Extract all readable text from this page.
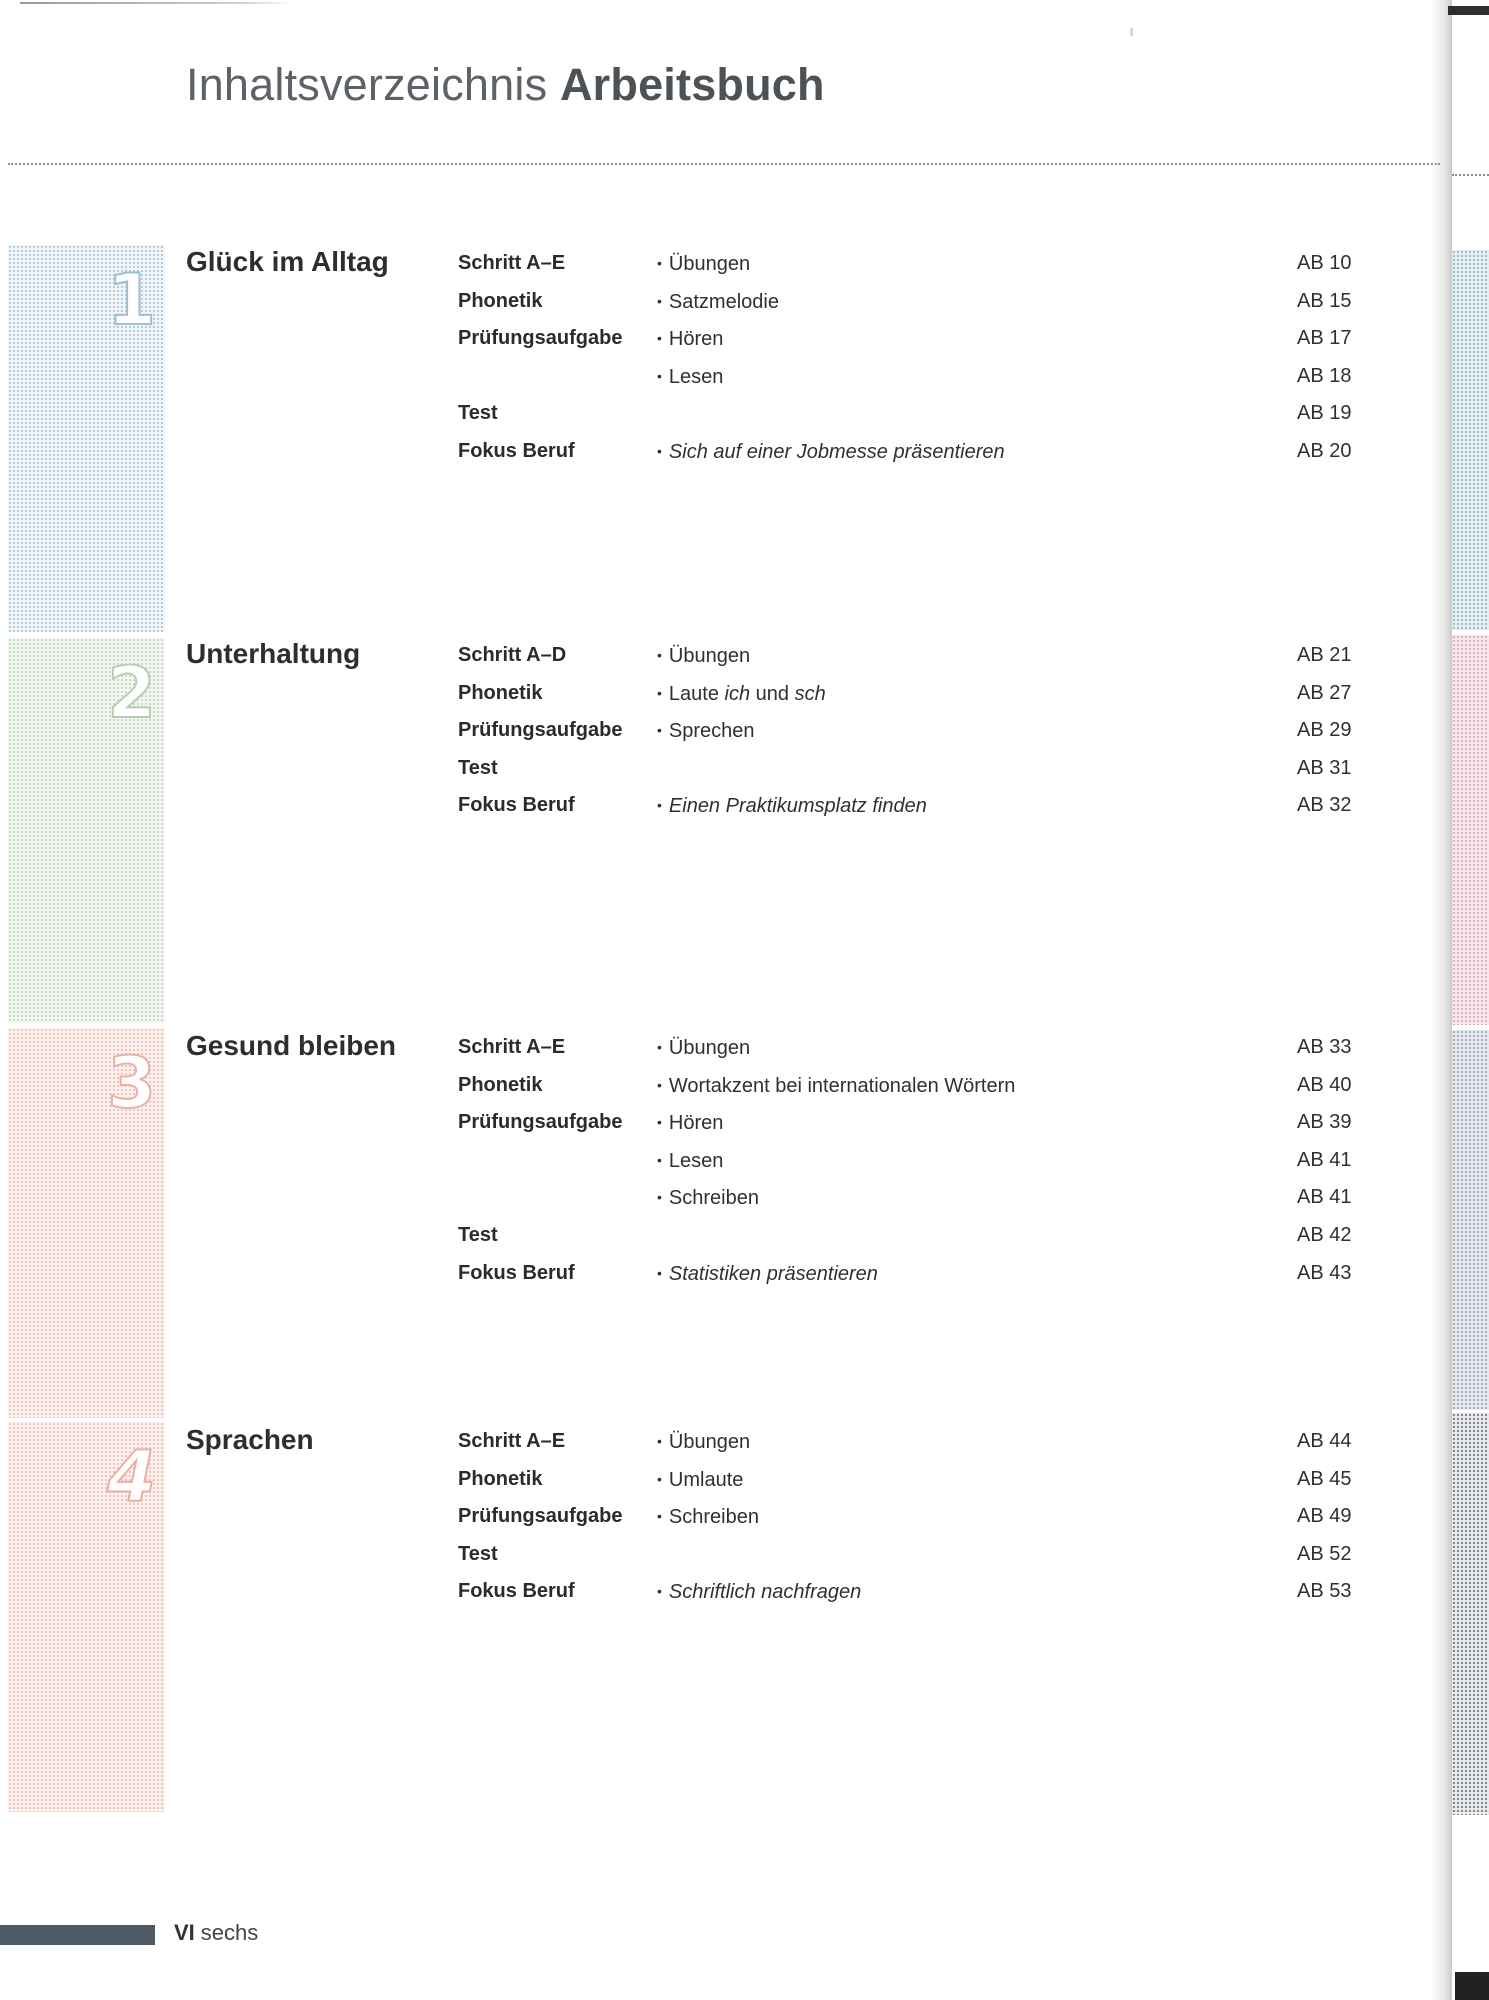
Inhaltsverzeichnis Arbeitsbuch
1
2
3
4
Glück im Alltag	Schritt A–E	• Übungen	AB 10
Phonetik	• Satzmelodie	AB 15
Prüfungsaufgabe • Hören	AB 17
• Lesen	AB 18
Test	AB 19
Fokus Beruf	• Sich auf einer Jobmesse präsentieren	AB 20
Unterhaltung	Schritt A–D	• Übungen	AB 21
Phonetik	• Laute ich und sch	AB 27
Prüfungsaufgabe • Sprechen	AB 29
Test	AB 31
Fokus Beruf	• Einen Praktikumsplatz finden	AB 32
Gesund bleiben	Schritt A–E	• Übungen	AB 33
Phonetik	• Wortakzent bei internationalen Wörtern	AB 40
Prüfungsaufgabe • Hören	AB 39
• Lesen	AB 41
• Schreiben	AB 41
Test	AB 42
Fokus Beruf	• Statistiken präsentieren	AB 43
Sprachen	Schritt A–E	• Übungen	AB 44
Phonetik	• Umlaute	AB 45
Prüfungsaufgabe • Schreiben	AB 49
Test	AB 52
Fokus Beruf	• Schriftlich nachfragen	AB 53
VI sechs
